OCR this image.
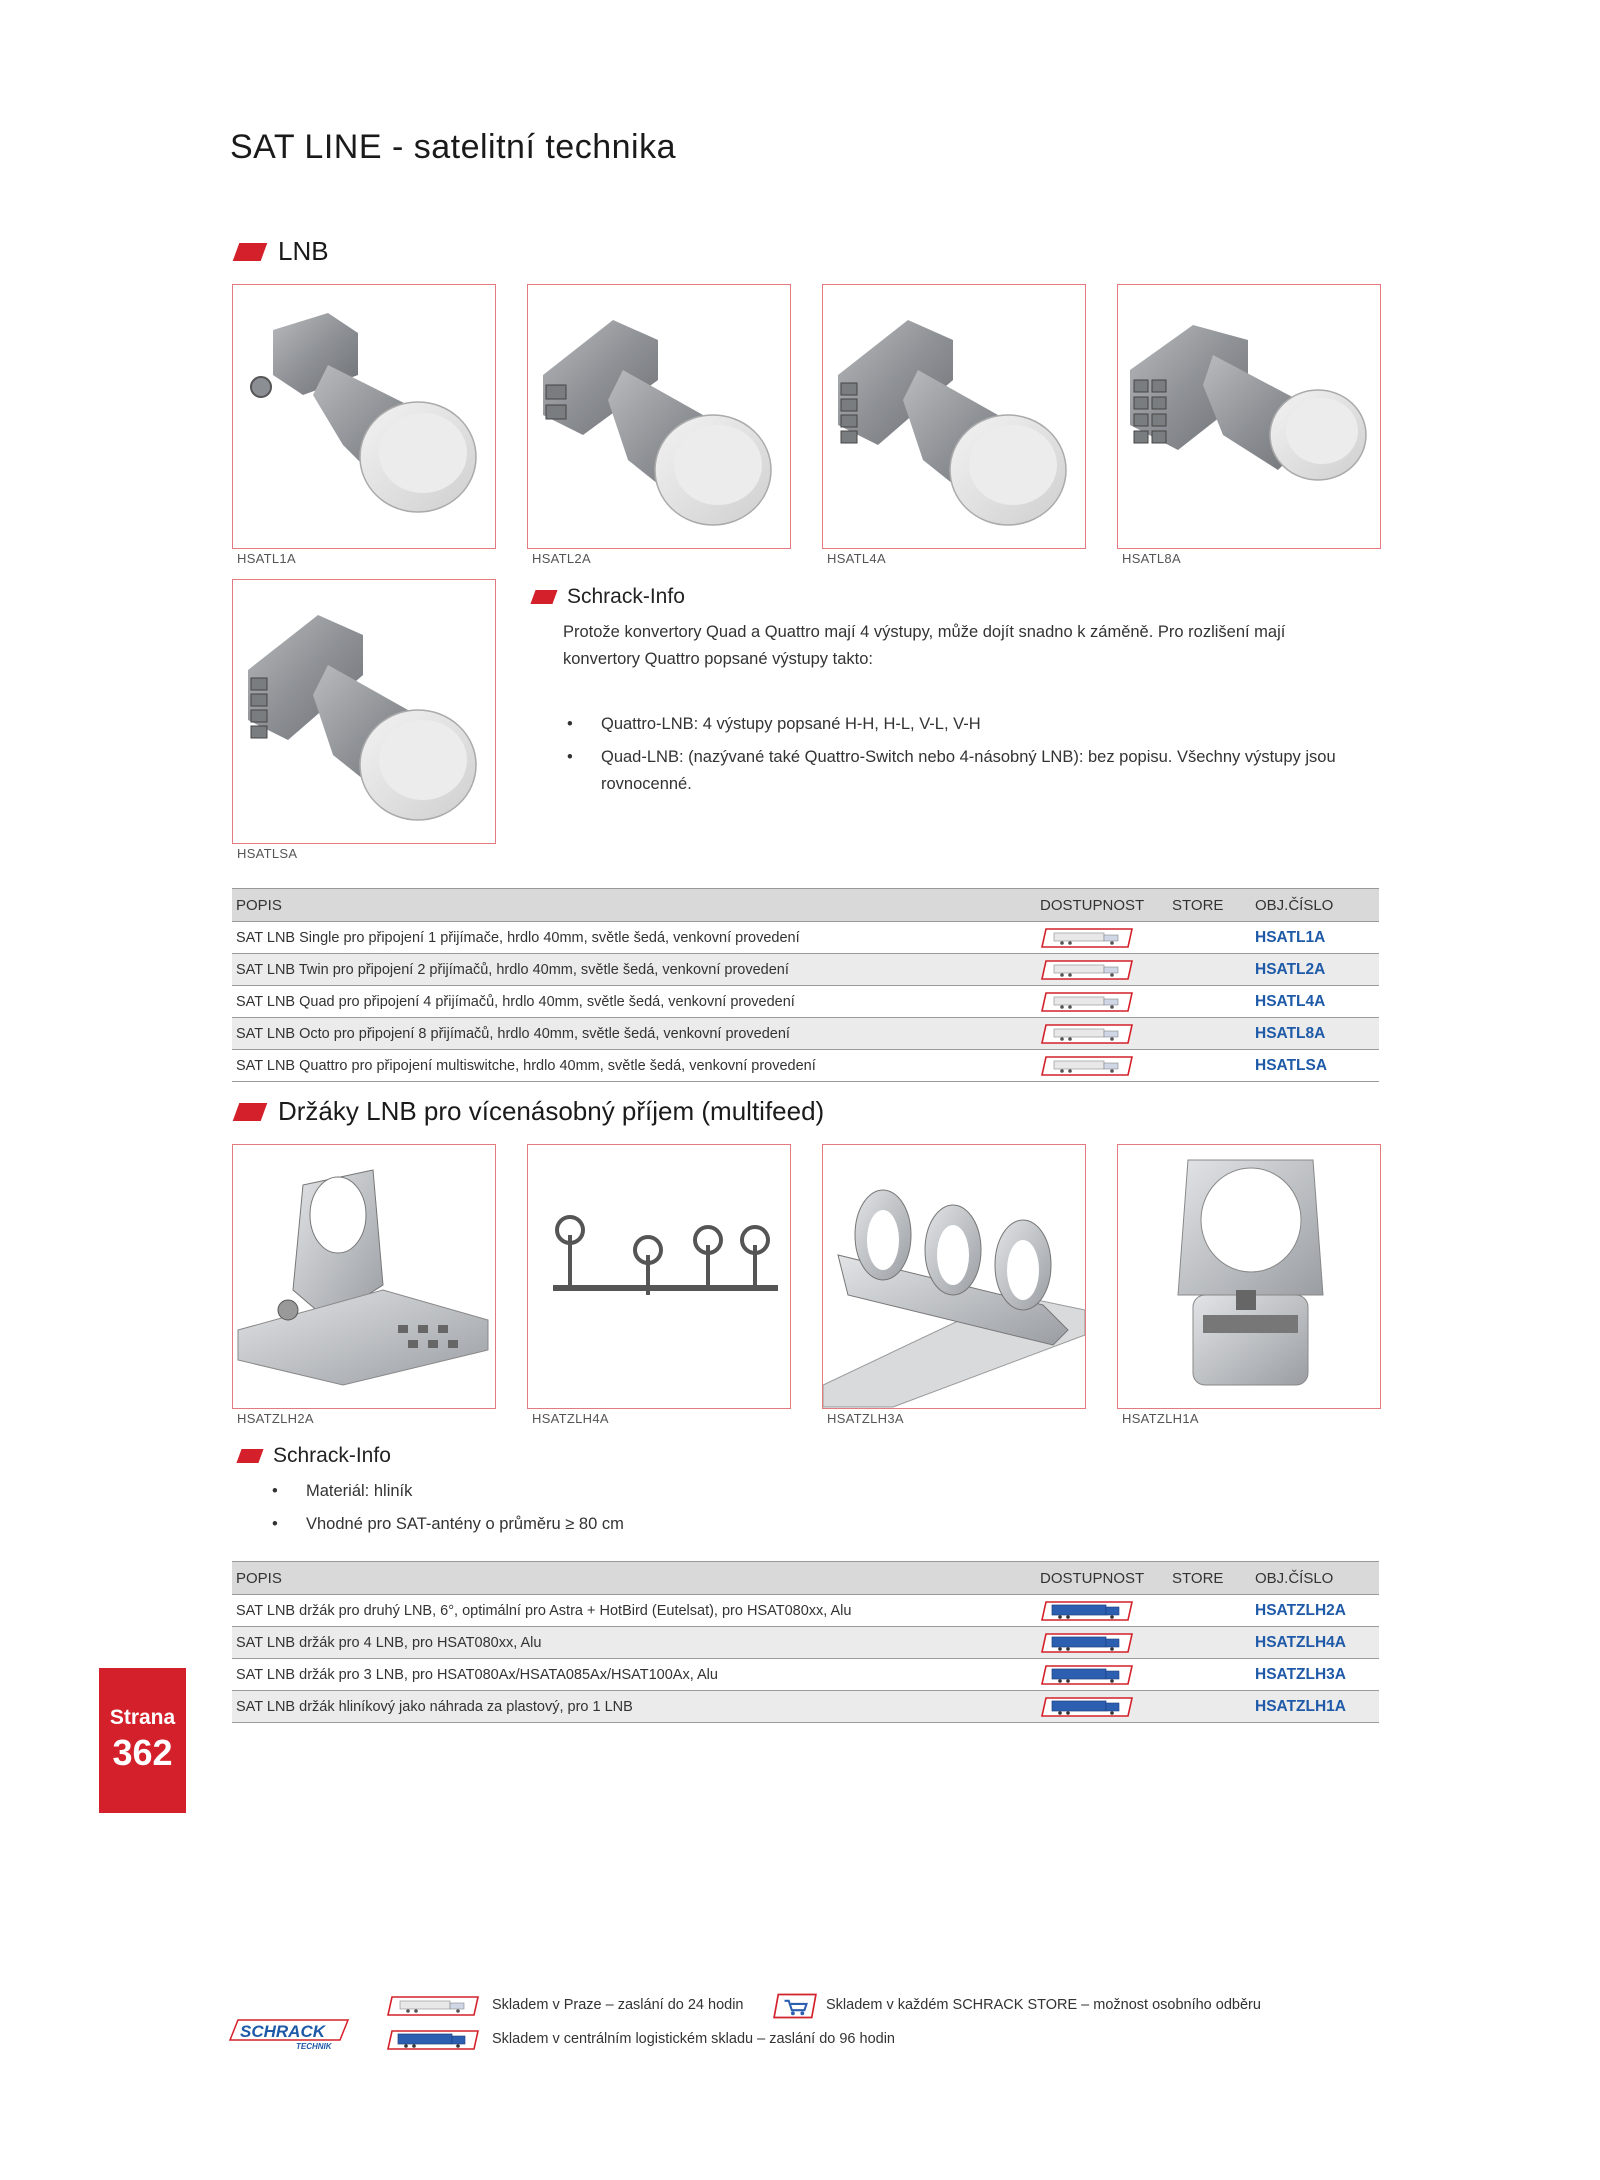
SAT LINE - satelitní technika
LNB
HSATL1A	HSATL2A	HSATL4A	HSATL8A
HSATLSA
Schrack-Info
Protože konvertory Quad a Quattro mají 4 výstupy, může dojít snadno k záměně. Pro rozlišení mají konvertory Quattro popsané výstupy takto:
• Quattro-LNB: 4 výstupy popsané H-H, H-L, V-L, V-H
• Quad-LNB: (nazývané také Quattro-Switch nebo 4-násobný LNB): bez popisu. Všechny výstupy jsou rovnocenné.
POPIS	DOSTUPNOST	STORE	OBJ.ČÍSLO
SAT LNB Single pro připojení 1 přijímače, hrdlo 40mm, světle šedá, venkovní provedení			HSATL1A
SAT LNB Twin pro připojení 2 přijímačů, hrdlo 40mm, světle šedá, venkovní provedení			HSATL2A
SAT LNB Quad pro připojení 4 přijímačů, hrdlo 40mm, světle šedá, venkovní provedení			HSATL4A
SAT LNB Octo pro připojení 8 přijímačů, hrdlo 40mm, světle šedá, venkovní provedení			HSATL8A
SAT LNB Quattro pro připojení multiswitche, hrdlo 40mm, světle šedá, venkovní provedení			HSATLSA
Držáky LNB pro vícenásobný příjem (multifeed)
HSATZLH2A	HSATZLH4A	HSATZLH3A	HSATZLH1A
Schrack-Info
• Materiál: hliník
• Vhodné pro SAT-antény o průměru ≥ 80 cm
POPIS	DOSTUPNOST	STORE	OBJ.ČÍSLO
SAT LNB držák pro druhý LNB, 6°, optimální pro Astra + HotBird (Eutelsat), pro HSAT080xx, Alu			HSATZLH2A
SAT LNB držák pro 4 LNB, pro HSAT080xx, Alu			HSATZLH4A
SAT LNB držák pro 3 LNB, pro HSAT080Ax/HSATA085Ax/HSAT100Ax, Alu			HSATZLH3A
SAT LNB držák hliníkový jako náhrada za plastový, pro 1 LNB			HSATZLH1A
Strana
362
Skladem v Praze – zaslání do 24 hodin	Skladem v každém SCHRACK STORE – možnost osobního odběru
Skladem v centrálním logistickém skladu – zaslání do 96 hodin
SCHRACK
TECHNIK
